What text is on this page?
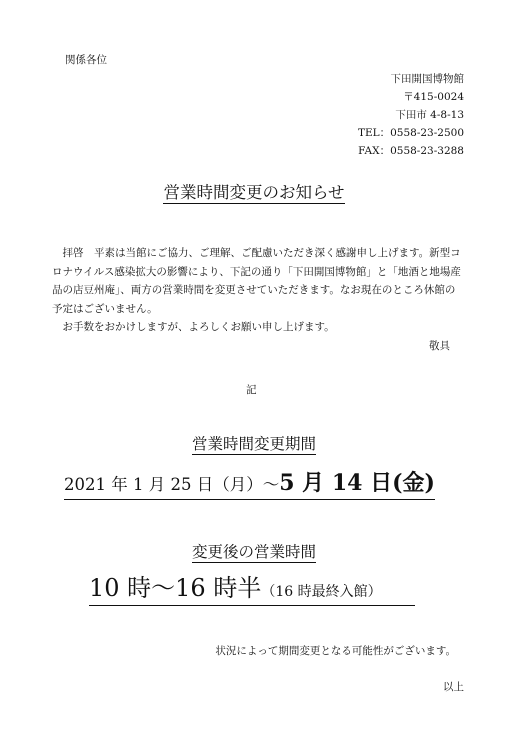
関係各位
下田開国博物館
〒415-0024
下田市 4-8-13
TEL：0558-23-2500
FAX：0558-23-3288
営業時間変更のお知らせ

　拝啓　平素は当館にご協力、ご理解、ご配慮いただき深く感謝申し上げます。新型コロナウイルス感染拡大の影響により、下記の通り「下田開国博物館」と「地酒と地場産品の店豆州庵」、両方の営業時間を変更させていただきます。なお現在のところ休館の予定はございません。

　お手数をおかけしますが、よろしくお願い申し上げます。

敬具

記
営業時間変更期間
2021 年 1 月 25 日（月）～5 月 14 日(金)
変更後の営業時間
10 時～16 時半（16 時最終入館）
状況によって期間変更となる可能性がございます。
以上
